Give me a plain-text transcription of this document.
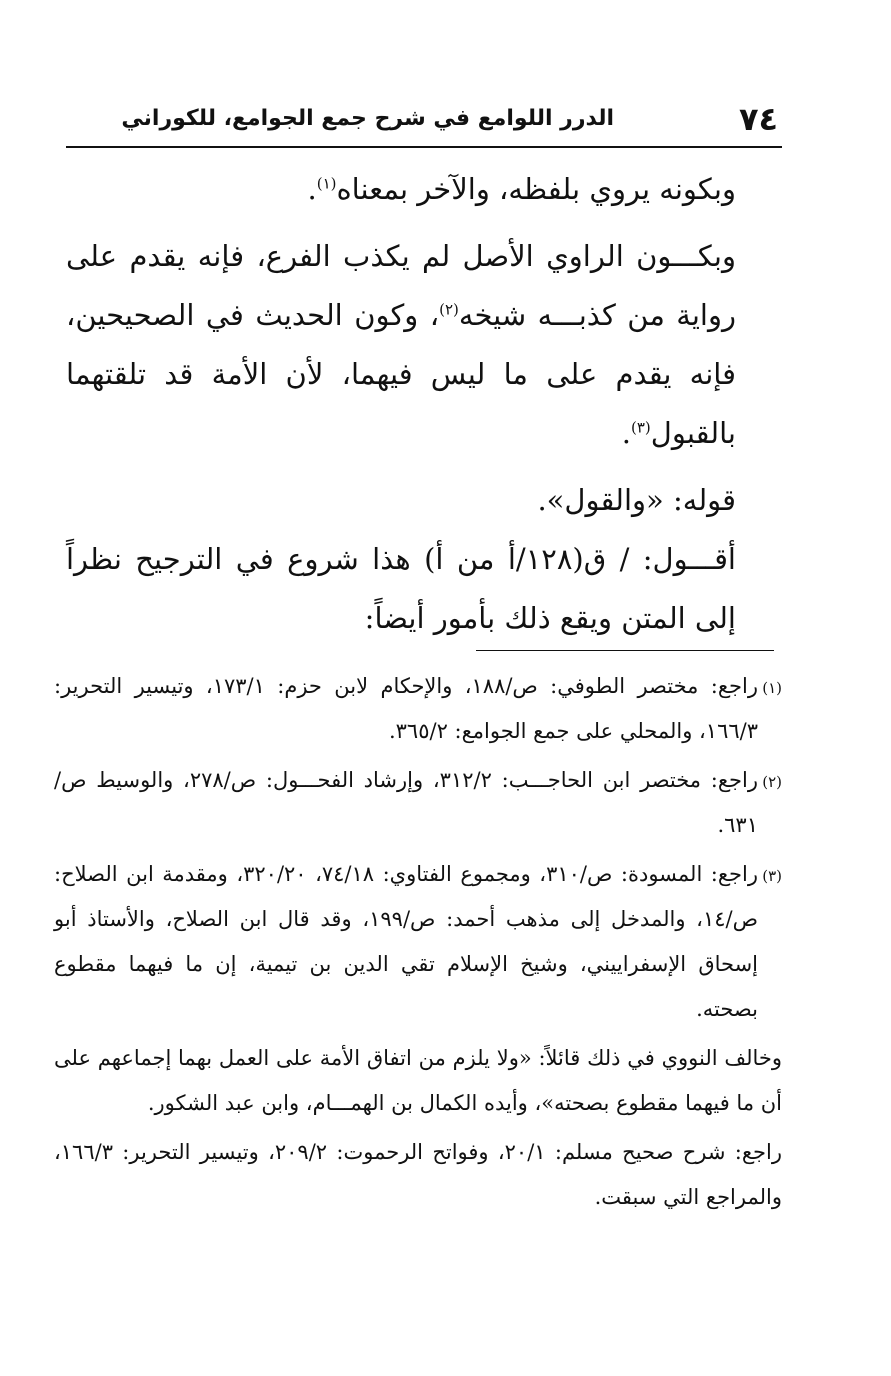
٧٤
الدرر اللوامع في شرح جمع الجوامع، للكوراني

وبكونه يروي بلفظه، والآخر بمعناه$^{(١)}$.

وبكـــون الراوي الأصل لم يكذب الفرع، فإنه يقدم على رواية من كذبـــه شيخه$^{(٢)}$، وكون الحديث في الصحيحين، فإنه يقدم على ما ليس فيهما، لأن الأمة قد تلقتهما بالقبول$^{(٣)}$.

قوله: «والقول».

أقـــول: / ق(١٢٨/أ من أ) هذا شروع في الترجيح نظراً إلى المتن ويقع ذلك بأمور أيضاً:

(١)
راجع: مختصر الطوفي: ص/١٨٨، والإحكام لابن حزم: ١٧٣/١، وتيسير التحرير: ١٦٦/٣، والمحلي على جمع الجوامع: ٣٦٥/٢.

(٢)
راجع: مختصر ابن الحاجـــب: ٣١٢/٢، وإرشاد الفحـــول: ص/٢٧٨، والوسيط ص/٦٣١.

(٣)
راجع: المسودة: ص/٣١٠، ومجموع الفتاوي: ٧٤/١٨، ٣٢٠/٢٠، ومقدمة ابن الصلاح: ص/١٤، والمدخل إلى مذهب أحمد: ص/١٩٩، وقد قال ابن الصلاح، والأستاذ أبو إسحاق الإسفراييني، وشيخ الإسلام تقي الدين بن تيمية، إن ما فيهما مقطوع بصحته.

وخالف النووي في ذلك قائلاً: «ولا يلزم من اتفاق الأمة على العمل بهما إجماعهم على أن ما فيهما مقطوع بصحته»، وأيده الكمال بن الهمـــام، وابن عبد الشكور.

راجع: شرح صحيح مسلم: ٢٠/١، وفواتح الرحموت: ٢٠٩/٢، وتيسير التحرير: ١٦٦/٣، والمراجع التي سبقت.
